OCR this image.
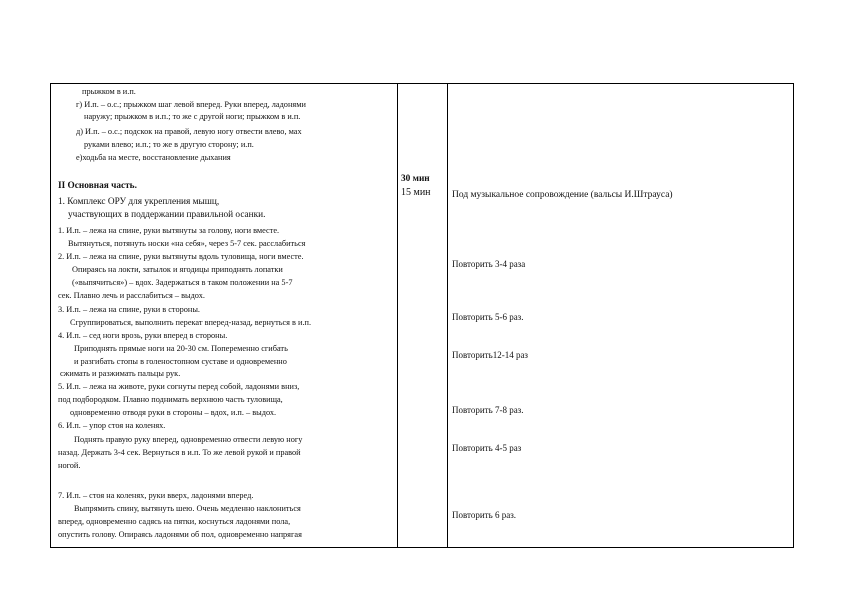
прыжком в и.п.
г) И.п. – о.с.; прыжком шаг левой вперед. Руки вперед, ладонями
наружу; прыжком в и.п.; то же с другой ноги; прыжком в и.п.
д) И.п. – о.с.; подскок на правой, левую ногу отвести влево, мах
руками влево; и.п.; то же в другую сторону; и.п.
е)ходьба на месте, восстановление дыхания
II Основная часть.
1. Комплекс ОРУ для укрепления мышц,
участвующих в поддержании правильной осанки.
1. И.п. – лежа на спине, руки вытянуты за голову, ноги вместе.
Вытянуться, потянуть носки «на себя», через 5-7 сек. расслабиться
2. И.п. – лежа на спине, руки вытянуты вдоль туловища, ноги вместе.
Опираясь на локти, затылок и ягодицы приподнять лопатки
(«выпячиться») – вдох. Задержаться в таком положении на 5-7
сек. Плавно лечь и расслабиться – выдох.
3. И.п. – лежа на спине, руки в стороны.
Сгруппироваться, выполнить перекат вперед-назад, вернуться в и.п.
4. И.п. – сед ноги врозь, руки вперед в стороны.
Приподнять прямые ноги на 20-30 см. Попеременно сгибать
и разгибать стопы в голеностопном суставе и одновременно
сжимать и разжимать пальцы рук.
5. И.п. – лежа на животе, руки согнуты перед собой, ладонями вниз,
под подбородком. Плавно поднимать верхнюю часть туловища,
одновременно отводя руки в стороны – вдох, и.п. – выдох.
6. И.п. – упор стоя на коленях.
Поднять правую руку вперед, одновременно отвести левую ногу
назад. Держать 3-4 сек. Вернуться в и.п. То же левой рукой и правой
ногой.
7. И.п. – стоя на коленях, руки вверх, ладонями вперед.
Выпрямить спину, вытянуть шею. Очень медленно наклониться
вперед, одновременно садясь на пятки, коснуться ладонями пола,
опустить голову. Опираясь ладонями об пол, одновременно напрягая
30 мин
15 мин Под музыкальное сопровождение (вальсы И.Штрауса)
Повторить 3-4 раза
Повторить 5-6 раз.
Повторить12-14 раз
Повторить 7-8 раз.
Повторить 4-5 раз
Повторить 6 раз.
